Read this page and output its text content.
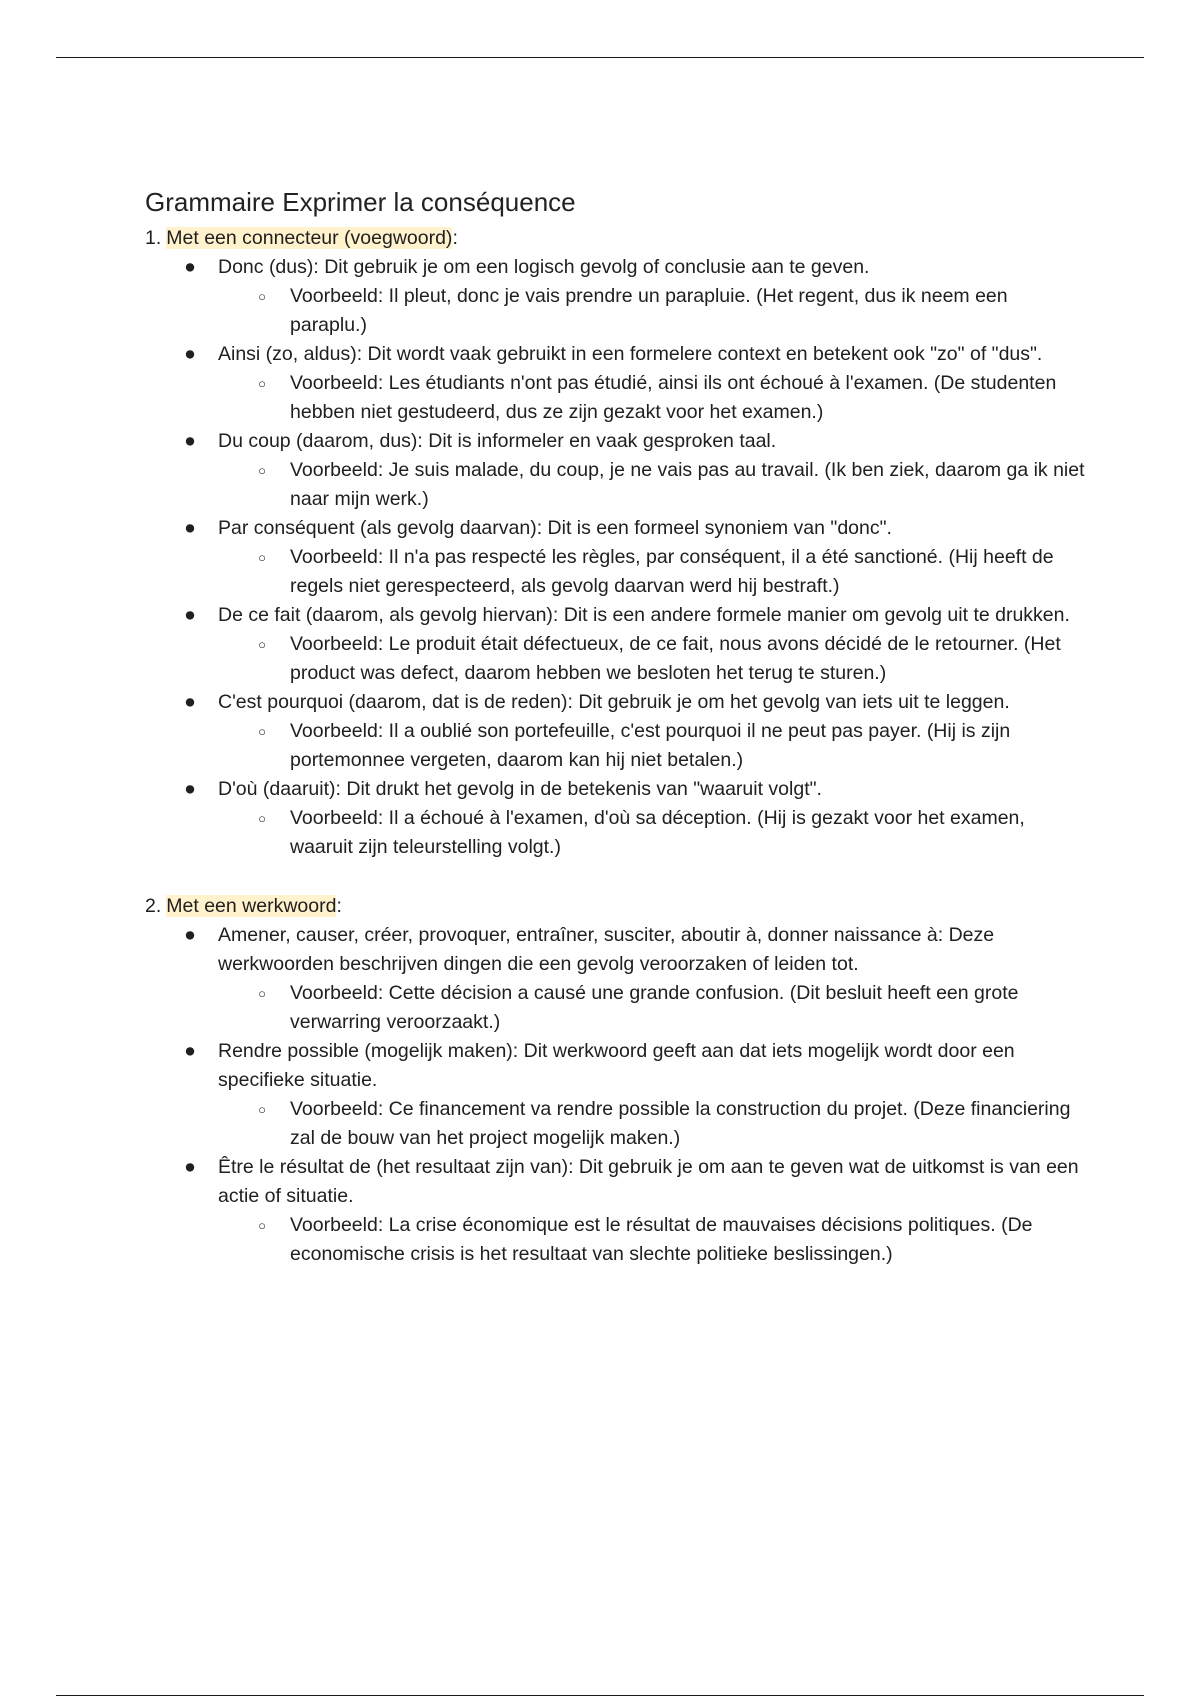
Grammaire Exprimer la conséquence

1. Met een connecteur (voegwoord):

● Donc (dus): Dit gebruik je om een logisch gevolg of conclusie aan te geven.
○ Voorbeeld: Il pleut, donc je vais prendre un parapluie. (Het regent, dus ik neem een paraplu.)
● Ainsi (zo, aldus): Dit wordt vaak gebruikt in een formelere context en betekent ook "zo" of "dus".
○ Voorbeeld: Les étudiants n'ont pas étudié, ainsi ils ont échoué à l'examen. (De studenten hebben niet gestudeerd, dus ze zijn gezakt voor het examen.)
● Du coup (daarom, dus): Dit is informeler en vaak gesproken taal.
○ Voorbeeld: Je suis malade, du coup, je ne vais pas au travail. (Ik ben ziek, daarom ga ik niet naar mijn werk.)
● Par conséquent (als gevolg daarvan): Dit is een formeel synoniem van "donc".
○ Voorbeeld: Il n'a pas respecté les règles, par conséquent, il a été sanctioné. (Hij heeft de regels niet gerespecteerd, als gevolg daarvan werd hij bestraft.)
● De ce fait (daarom, als gevolg hiervan): Dit is een andere formele manier om gevolg uit te drukken.
○ Voorbeeld: Le produit était défectueux, de ce fait, nous avons décidé de le retourner. (Het product was defect, daarom hebben we besloten het terug te sturen.)
● C'est pourquoi (daarom, dat is de reden): Dit gebruik je om het gevolg van iets uit te leggen.
○ Voorbeeld: Il a oublié son portefeuille, c'est pourquoi il ne peut pas payer. (Hij is zijn portemonnee vergeten, daarom kan hij niet betalen.)
● D'où (daaruit): Dit drukt het gevolg in de betekenis van "waaruit volgt".
○ Voorbeeld: Il a échoué à l'examen, d'où sa déception. (Hij is gezakt voor het examen, waaruit zijn teleurstelling volgt.)

2. Met een werkwoord:

● Amener, causer, créer, provoquer, entraîner, susciter, aboutir à, donner naissance à: Deze werkwoorden beschrijven dingen die een gevolg veroorzaken of leiden tot.
○ Voorbeeld: Cette décision a causé une grande confusion. (Dit besluit heeft een grote verwarring veroorzaakt.)
● Rendre possible (mogelijk maken): Dit werkwoord geeft aan dat iets mogelijk wordt door een specifieke situatie.
○ Voorbeeld: Ce financement va rendre possible la construction du projet. (Deze financiering zal de bouw van het project mogelijk maken.)
● Être le résultat de (het resultaat zijn van): Dit gebruik je om aan te geven wat de uitkomst is van een actie of situatie.
○ Voorbeeld: La crise économique est le résultat de mauvaises décisions politiques. (De economische crisis is het resultaat van slechte politieke beslissingen.)
